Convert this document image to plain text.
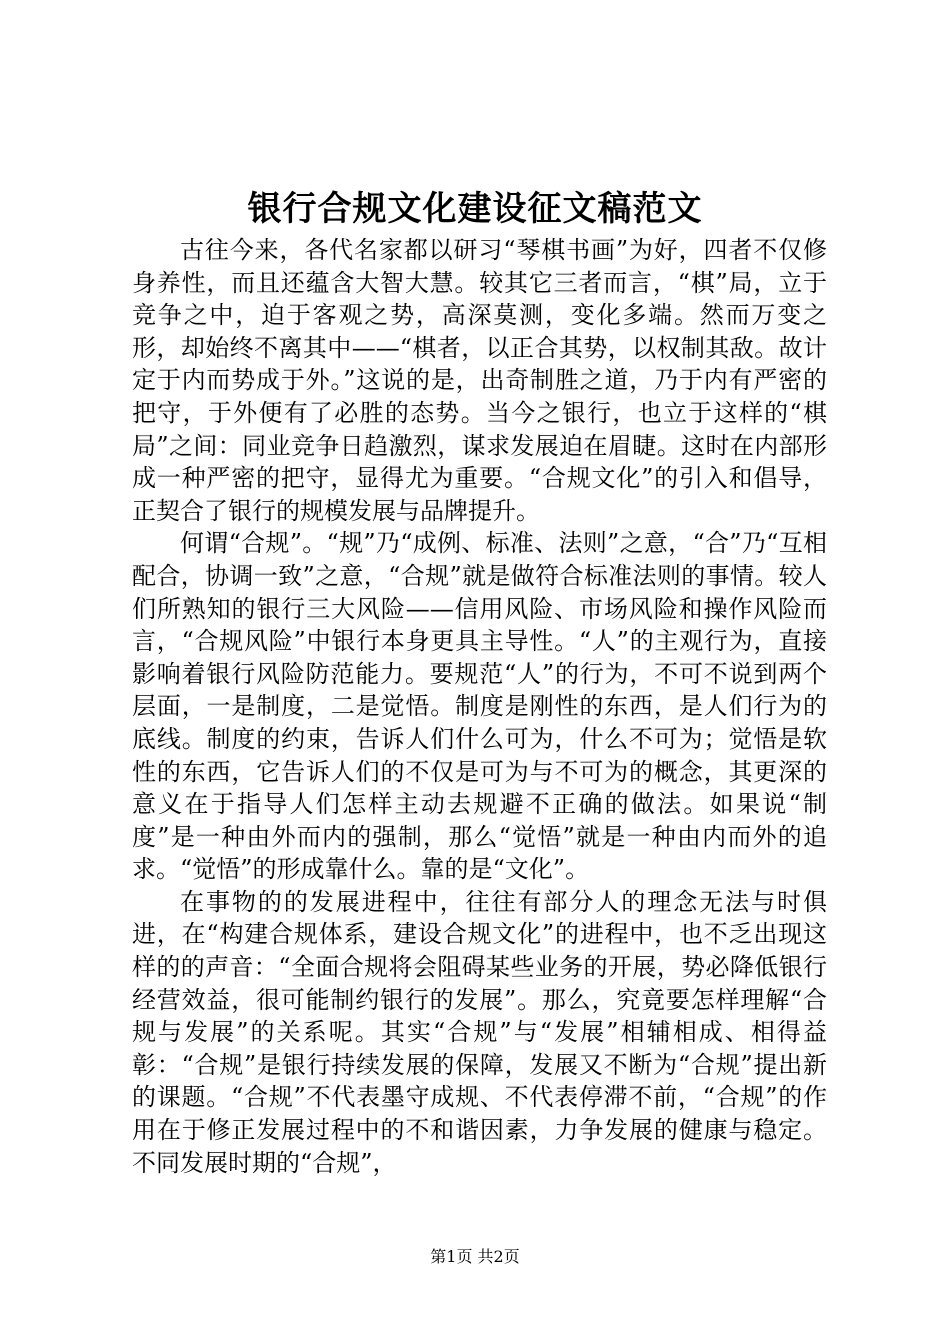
银行合规文化建设征文稿范文

古往今来，各代名家都以研习“琴棋书画”为好，四者不仅修身养性，而且还蕴含大智大慧。较其它三者而言，“棋”局，立于竞争之中，迫于客观之势，高深莫测，变化多端。然而万变之形，却始终不离其中——“棋者，以正合其势，以权制其敌。故计定于内而势成于外。”这说的是，出奇制胜之道，乃于内有严密的把守，于外便有了必胜的态势。当今之银行，也立于这样的“棋局”之间：同业竞争日趋激烈，谋求发展迫在眉睫。这时在内部形成一种严密的把守，显得尤为重要。“合规文化”的引入和倡导，正契合了银行的规模发展与品牌提升。

何谓“合规”。“规”乃“成例、标准、法则”之意，“合”乃“互相配合，协调一致”之意，“合规”就是做符合标准法则的事情。较人们所熟知的银行三大风险——信用风险、市场风险和操作风险而言，“合规风险”中银行本身更具主导性。“人”的主观行为，直接影响着银行风险防范能力。要规范“人”的行为，不可不说到两个层面，一是制度，二是觉悟。制度是刚性的东西，是人们行为的底线。制度的约束，告诉人们什么可为，什么不可为；觉悟是软性的东西，它告诉人们的不仅是可为与不可为的概念，其更深的意义在于指导人们怎样主动去规避不正确的做法。如果说“制度”是一种由外而内的强制，那么“觉悟”就是一种由内而外的追求。“觉悟”的形成靠什么。靠的是“文化”。

在事物的的发展进程中，往往有部分人的理念无法与时俱进，在“构建合规体系，建设合规文化”的进程中，也不乏出现这样的的声音：“全面合规将会阻碍某些业务的开展，势必降低银行经营效益，很可能制约银行的发展”。那么，究竟要怎样理解“合规与发展”的关系呢。其实“合规”与“发展”相辅相成、相得益彰：“合规”是银行持续发展的保障，发展又不断为“合规”提出新的课题。“合规”不代表墨守成规、不代表停滞不前，“合规”的作用在于修正发展过程中的不和谐因素，力争发展的健康与稳定。不同发展时期的“合规”，

第1页 共2页
